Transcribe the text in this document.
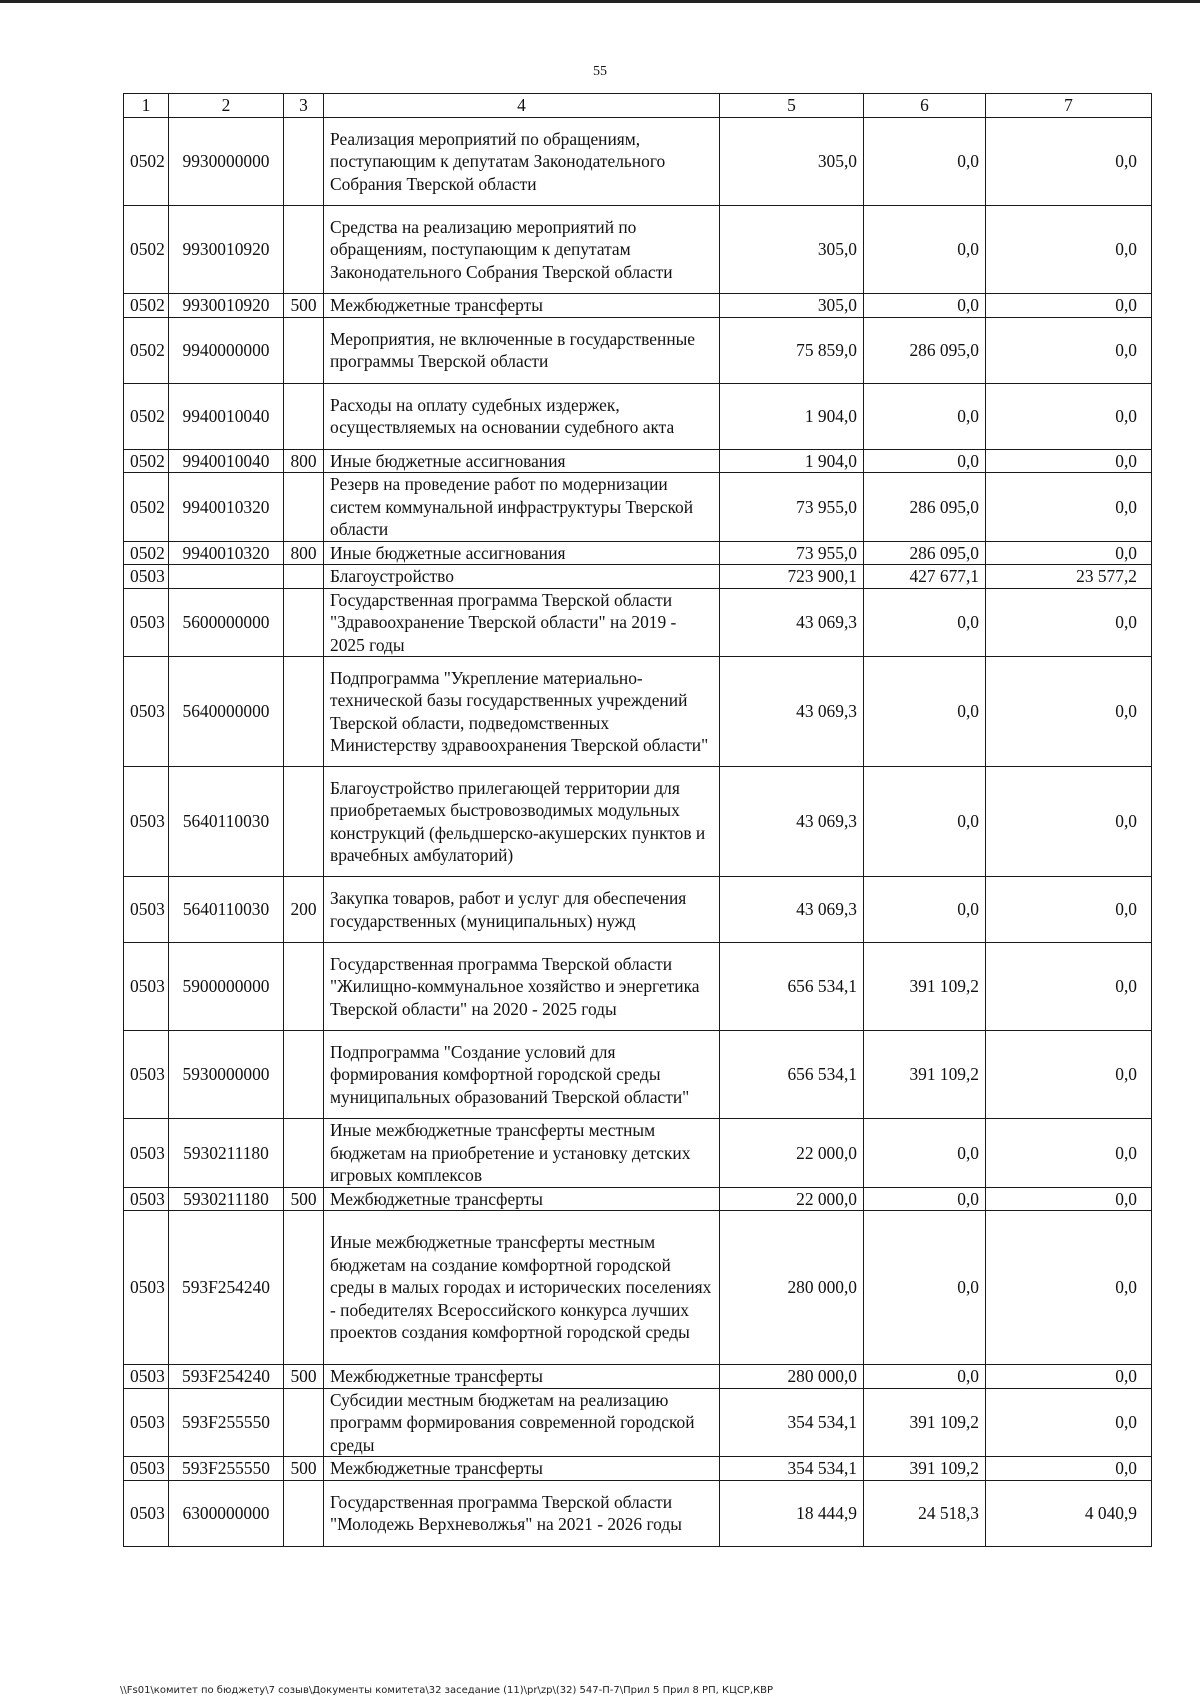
55
1	2	3	4	5	6	7
0502	9930000000		Реализация мероприятий по обращениям, поступающим к депутатам Законодательного Собрания Тверской области	305,0	0,0	0,0
0502	9930010920		Средства на реализацию мероприятий по обращениям, поступающим к депутатам Законодательного Собрания Тверской области	305,0	0,0	0,0
0502	9930010920	500	Межбюджетные трансферты	305,0	0,0	0,0
0502	9940000000		Мероприятия, не включенные в государственные программы Тверской области	75 859,0	286 095,0	0,0
0502	9940010040		Расходы на оплату судебных издержек, осуществляемых на основании судебного акта	1 904,0	0,0	0,0
0502	9940010040	800	Иные бюджетные ассигнования	1 904,0	0,0	0,0
0502	9940010320		Резерв на проведение работ по модернизации систем коммунальной инфраструктуры Тверской области	73 955,0	286 095,0	0,0
0502	9940010320	800	Иные бюджетные ассигнования	73 955,0	286 095,0	0,0
0503			Благоустройство	723 900,1	427 677,1	23 577,2
0503	5600000000		Государственная программа Тверской области "Здравоохранение Тверской области" на 2019 - 2025 годы	43 069,3	0,0	0,0
0503	5640000000		Подпрограмма "Укрепление материально-технической базы государственных учреждений Тверской области, подведомственных Министерству здравоохранения Тверской области"	43 069,3	0,0	0,0
0503	5640110030		Благоустройство прилегающей территории для приобретаемых быстровозводимых модульных конструкций (фельдшерско-акушерских пунктов и врачебных амбулаторий)	43 069,3	0,0	0,0
0503	5640110030	200	Закупка товаров, работ и услуг для обеспечения государственных (муниципальных) нужд	43 069,3	0,0	0,0
0503	5900000000		Государственная программа Тверской области "Жилищно-коммунальное хозяйство и энергетика Тверской области" на 2020 - 2025 годы	656 534,1	391 109,2	0,0
0503	5930000000		Подпрограмма "Создание условий для формирования комфортной городской среды муниципальных образований Тверской области"	656 534,1	391 109,2	0,0
0503	5930211180		Иные межбюджетные трансферты местным бюджетам на приобретение и установку детских игровых комплексов	22 000,0	0,0	0,0
0503	5930211180	500	Межбюджетные трансферты	22 000,0	0,0	0,0
0503	593F254240		Иные межбюджетные трансферты местным бюджетам на создание комфортной городской среды в малых городах и исторических поселениях - победителях Всероссийского конкурса лучших проектов создания комфортной городской среды	280 000,0	0,0	0,0
0503	593F254240	500	Межбюджетные трансферты	280 000,0	0,0	0,0
0503	593F255550		Субсидии местным бюджетам на реализацию программ формирования современной городской среды	354 534,1	391 109,2	0,0
0503	593F255550	500	Межбюджетные трансферты	354 534,1	391 109,2	0,0
0503	6300000000		Государственная программа Тверской области "Молодежь Верхневолжья" на 2021 - 2026 годы	18 444,9	24 518,3	4 040,9
\\Fs01\комитет по бюджету\7 созыв\Документы комитета\32 заседание (11)\pr\zp\(32) 547-П-7\Прил 5 Прил 8 РП, КЦСР,КВР
